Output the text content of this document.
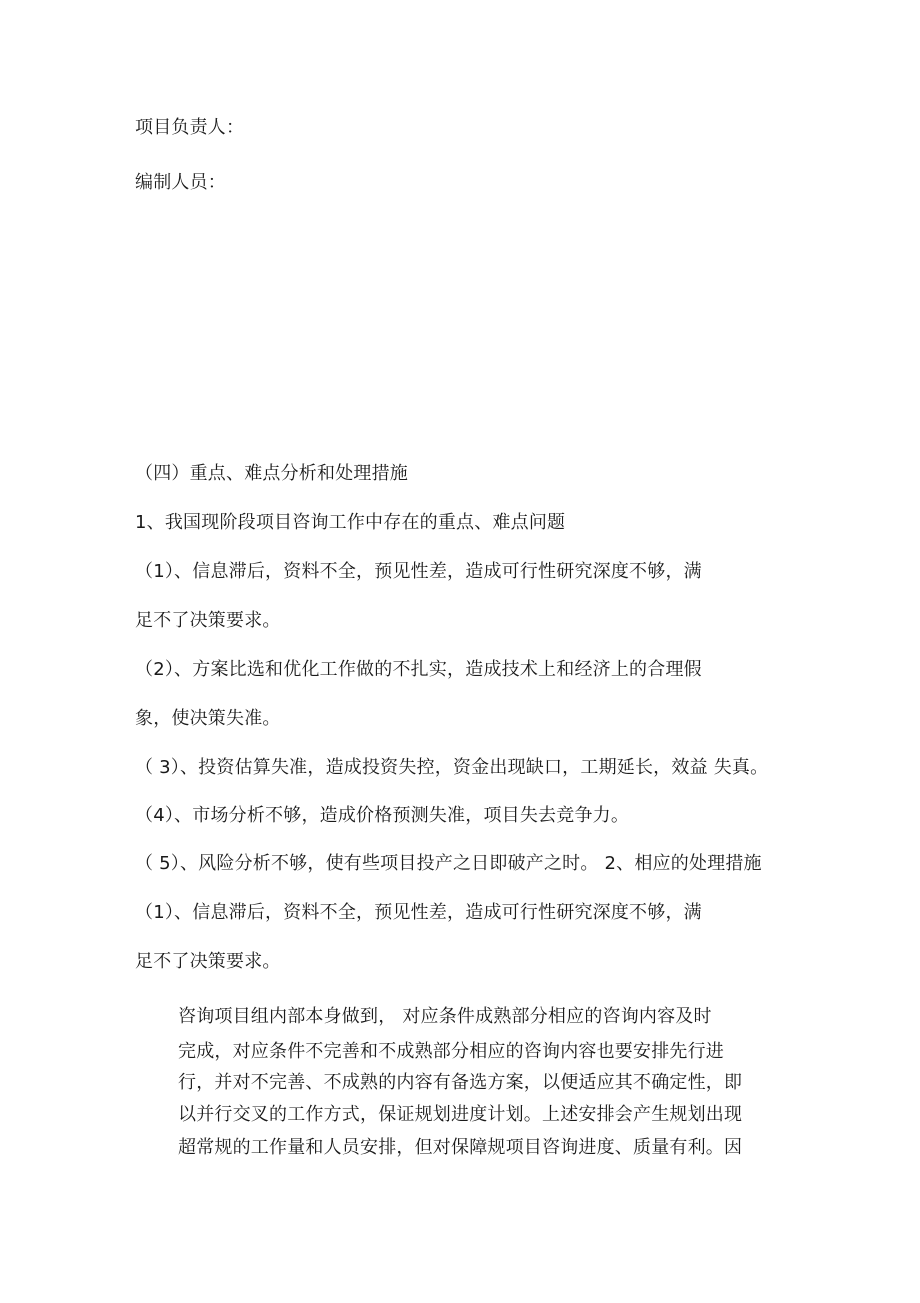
项目负责人：
编制人员：
（四）重点、难点分析和处理措施
1、我国现阶段项目咨询工作中存在的重点、难点问题
（1）、信息滞后，资料不全，预见性差，造成可行性研究深度不够，满
足不了决策要求。
（2）、方案比选和优化工作做的不扎实，造成技术上和经济上的合理假
象，使决策失准。
（ 3）、投资估算失准，造成投资失控，资金出现缺口，工期延长，效益 失真。
（4）、市场分析不够，造成价格预测失准，项目失去竞争力。
（ 5）、风险分析不够，使有些项目投产之日即破产之时。 2、相应的处理措施
（1）、信息滞后，资料不全，预见性差，造成可行性研究深度不够，满
足不了决策要求。
咨询项目组内部本身做到， 对应条件成熟部分相应的咨询内容及时
完成，对应条件不完善和不成熟部分相应的咨询内容也要安排先行进
行，并对不完善、不成熟的内容有备选方案，以便适应其不确定性，即
以并行交叉的工作方式，保证规划进度计划。上述安排会产生规划出现
超常规的工作量和人员安排，但对保障规项目咨询进度、质量有利。因
